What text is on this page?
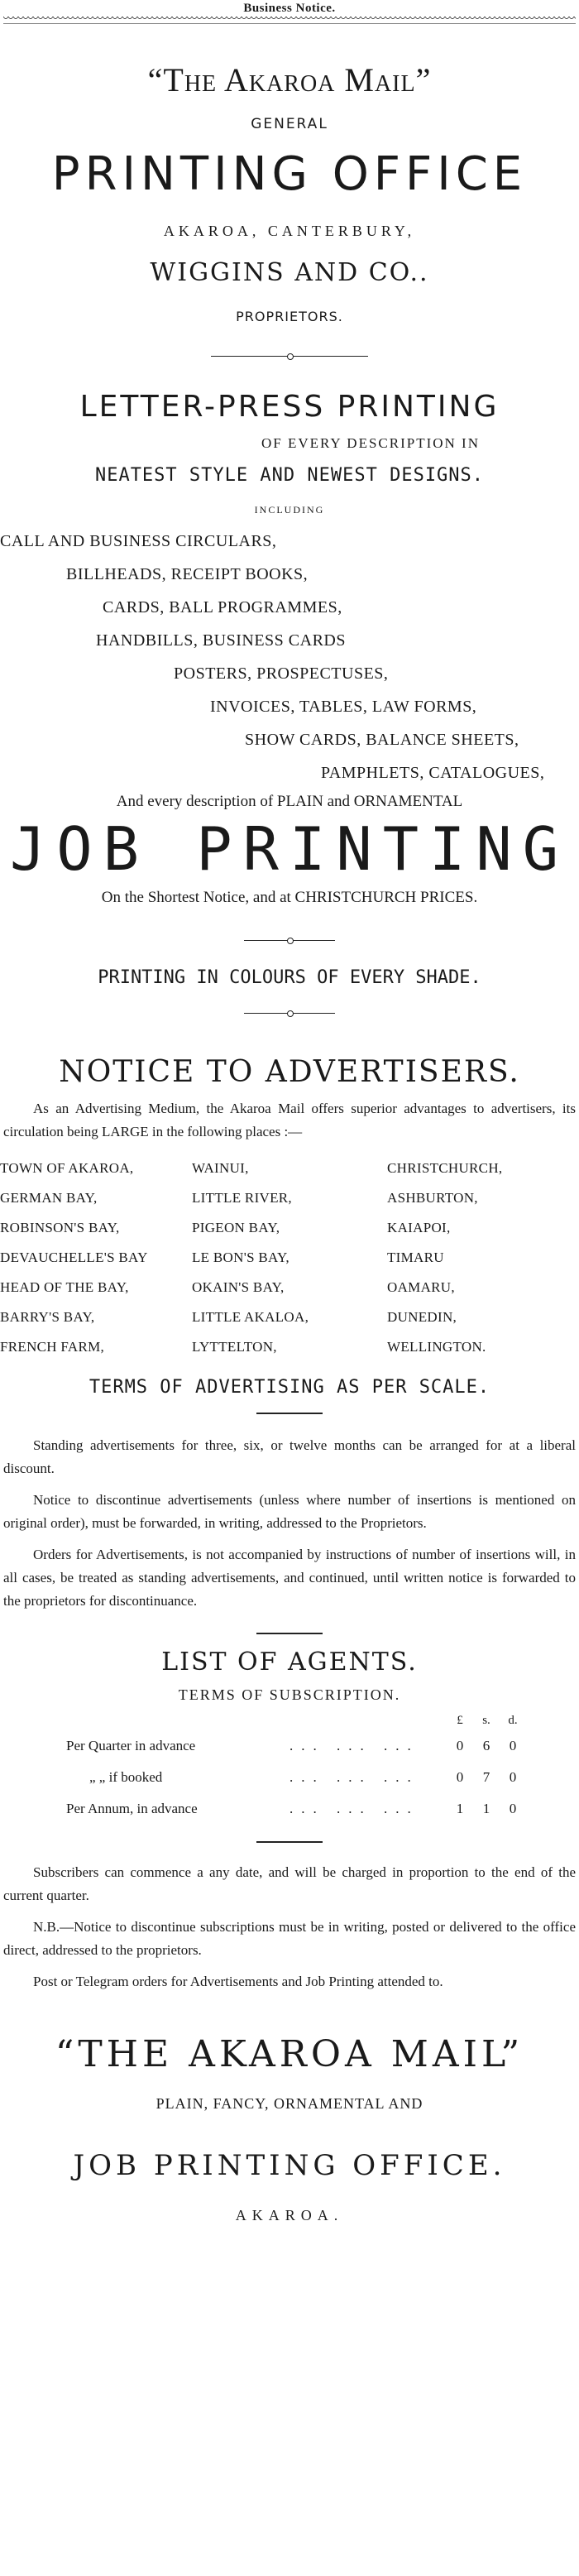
Business Notice.
“The Akaroa Mail”
GENERAL
PRINTING OFFICE
AKAROA, CANTERBURY,
WIGGINS AND CO..
PROPRIETORS.
LETTER-PRESS PRINTING
OF EVERY DESCRIPTION IN
NEATEST STYLE AND NEWEST DESIGNS.
INCLUDING
CALL AND BUSINESS CIRCULARS,
BILLHEADS, RECEIPT BOOKS,
CARDS, BALL PROGRAMMES,
HANDBILLS, BUSINESS CARDS
POSTERS, PROSPECTUSES,
INVOICES, TABLES, LAW FORMS,
SHOW CARDS, BALANCE SHEETS,
PAMPHLETS, CATALOGUES,
And every description of PLAIN and ORNAMENTAL
JOB PRINTING
On the Shortest Notice, and at CHRISTCHURCH PRICES.
PRINTING IN COLOURS OF EVERY SHADE.
NOTICE TO ADVERTISERS.
As an Advertising Medium, the Akaroa Mail offers superior advantages to advertisers, its circulation being LARGE in the following places :—
TOWN OF AKAROA,	WAINUI,	CHRISTCHURCH,
GERMAN BAY,	LITTLE RIVER,	ASHBURTON,
ROBINSON'S BAY,	PIGEON BAY,	KAIAPOI,
DEVAUCHELLE'S BAY	LE BON'S BAY,	TIMARU
HEAD OF THE BAY,	OKAIN'S BAY,	OAMARU,
BARRY'S BAY,	LITTLE AKALOA,	DUNEDIN,
FRENCH FARM,	LYTTELTON,	WELLINGTON.
TERMS OF ADVERTISING AS PER SCALE.
Standing advertisements for three, six, or twelve months can be arranged for at a liberal discount.
Notice to discontinue advertisements (unless where number of insertions is mentioned on original order), must be forwarded, in writing, addressed to the Proprietors.
Orders for Advertisements, is not accompanied by instructions of number of insertions will, in all cases, be treated as standing advertisements, and continued, until written notice is forwarded to the proprietors for discontinuance.
LIST OF AGENTS.
TERMS OF SUBSCRIPTION.
£	s.	d.
Per Quarter in advance	... ... ...	0	6	0
„ „ if booked	... ... ...	0	7	0
Per Annum, in advance	... ... ...	1	1	0
Subscribers can commence a any date, and will be charged in proportion to the end of the current quarter.
N.B.—Notice to discontinue subscriptions must be in writing, posted or delivered to the office direct, addressed to the proprietors.
Post or Telegram orders for Advertisements and Job Printing attended to.
“THE AKAROA MAIL”
PLAIN, FANCY, ORNAMENTAL AND
JOB PRINTING OFFICE.
AKAROA.
